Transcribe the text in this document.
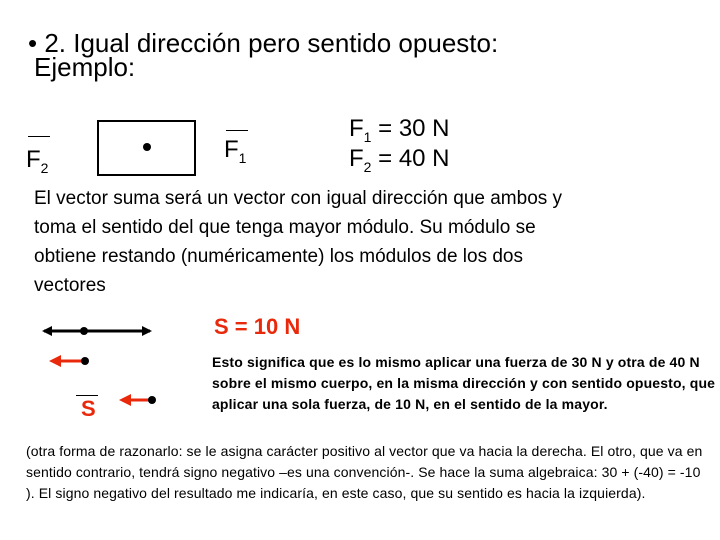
• 2. Igual dirección pero sentido opuesto:
Ejemplo:
$F_2$
$F_1$
$F_1 = 30$ N
$F_2 = 40$ N
El vector suma será un vector con igual dirección que ambos y toma el sentido del que tenga mayor módulo. Su módulo se obtiene restando (numéricamente) los módulos de los dos vectores
S = 10 N
S
Esto significa que es lo mismo aplicar una fuerza de 30 N y otra de 40 N sobre el mismo cuerpo, en la misma dirección y con sentido opuesto, que aplicar una sola fuerza, de 10 N, en el sentido de la mayor.
(otra forma de razonarlo: se le asigna carácter positivo al vector que va hacia la derecha. El otro, que va en sentido contrario, tendrá signo negativo –es una convención-. Se hace la suma algebraica: 30 + (-40) = -10 ). El signo negativo del resultado me indicaría, en este caso, que su sentido es hacia la izquierda).
